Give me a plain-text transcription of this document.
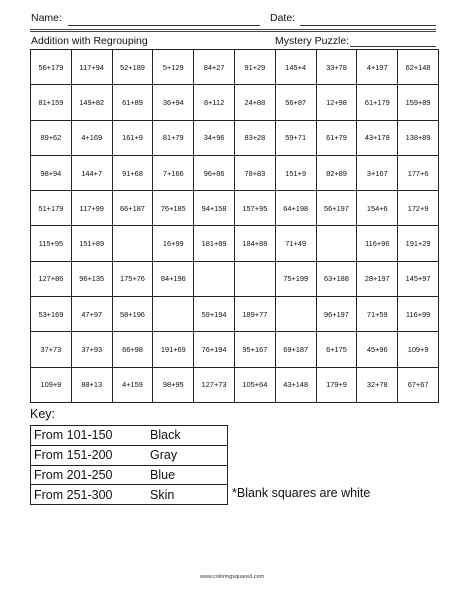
Name:	Date:
Addition with Regrouping	Mystery Puzzle:
56+179	117+94	52+189	5+129	84+27	91+29	145+4	33+78	4+197	62+148
81+159	149+82	61+89	36+94	8+112	24+88	56+87	12+98	61+179	159+89
89+62	4+169	161+9	81+79	34+96	83+28	59+71	61+79	43+178	138+89
98+94	144+7	91+68	7+166	96+86	78+83	151+9	82+89	3+167	177+6
51+179	117+99	66+187	76+185	94+158	157+95	64+198	56+197	154+6	172+9
115+95	151+89		16+99	181+89	184+88	71+49		116+96	191+29
127+86	96+135	175+76	84+196			75+199	63+188	28+197	145+97
53+169	47+97	58+196		59+194	189+77		96+197	71+59	116+99
37+73	37+93	66+98	191+69	76+194	95+167	69+187	6+175	45+96	109+9
109+9	88+13	4+159	98+95	127+73	105+64	43+148	179+9	32+78	67+67
Key:
From 101-150	Black
From 151-200	Gray
From 201-250	Blue
From 251-300	Skin	*Blank squares are white
www.coloringsquared.com
